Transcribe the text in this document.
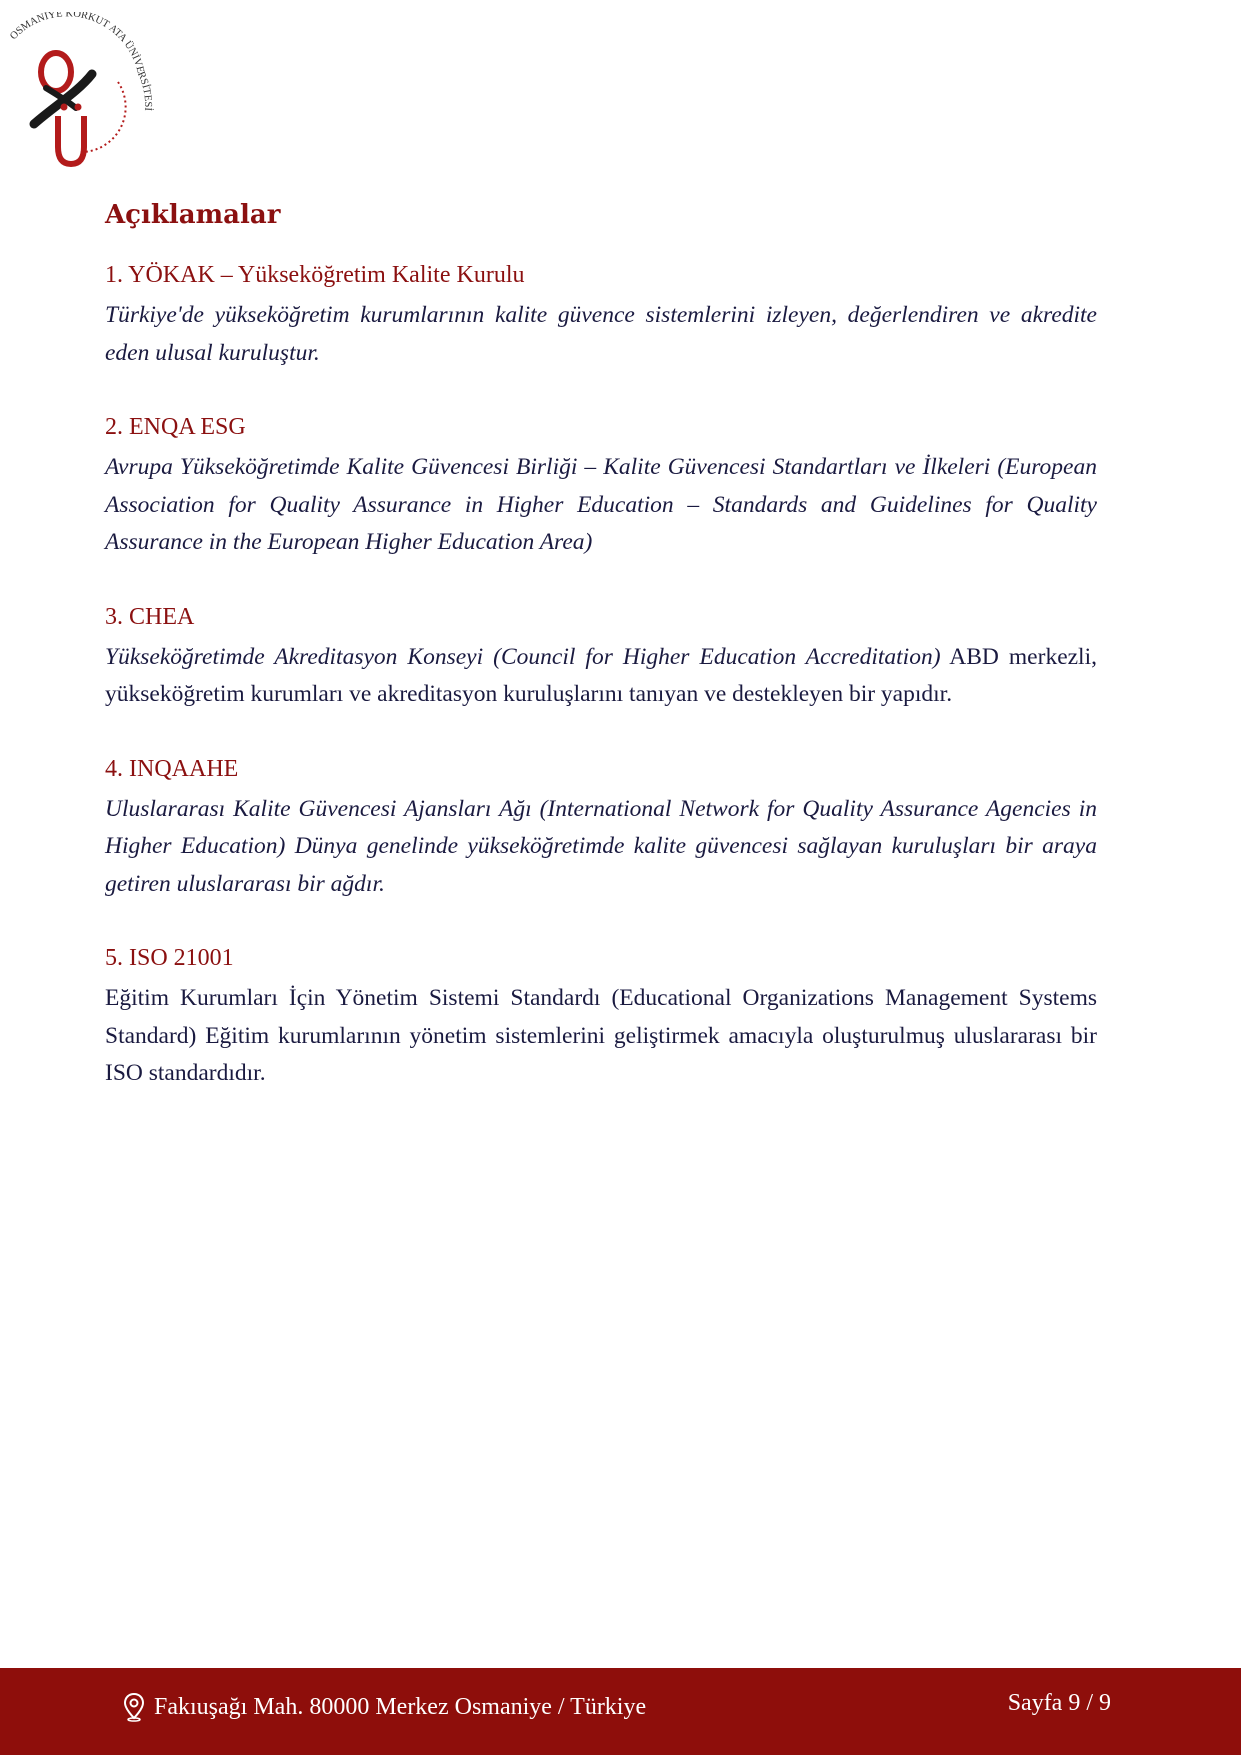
OSMANİYE KORKUT ATA ÜNİVERSİTESİ
Açıklamalar
1. YÖKAK – Yükseköğretim Kalite Kurulu

Türkiye'de yükseköğretim kurumlarının kalite güvence sistemlerini izleyen, değerlendiren ve akredite eden ulusal kuruluştur.

2. ENQA ESG

Avrupa Yükseköğretimde Kalite Güvencesi Birliği – Kalite Güvencesi Standartları ve İlkeleri (European Association for Quality Assurance in Higher Education – Standards and Guidelines for Quality Assurance in the European Higher Education Area)

3. CHEA

Yükseköğretimde Akreditasyon Konseyi (Council for Higher Education Accreditation) ABD merkezli, yükseköğretim kurumları ve akreditasyon kuruluşlarını tanıyan ve destekleyen bir yapıdır.

4. INQAAHE

Uluslararası Kalite Güvencesi Ajansları Ağı (International Network for Quality Assurance Agencies in Higher Education) Dünya genelinde yükseköğretimde kalite güvencesi sağlayan kuruluşları bir araya getiren uluslararası bir ağdır.

5. ISO 21001

Eğitim Kurumları İçin Yönetim Sistemi Standardı (Educational Organizations Management Systems Standard) Eğitim kurumlarının yönetim sistemlerini geliştirmek amacıyla oluşturulmuş uluslararası bir ISO standardıdır.

Fakıuşağı Mah. 80000 Merkez Osmaniye / Türkiye	Sayfa 9 / 9
